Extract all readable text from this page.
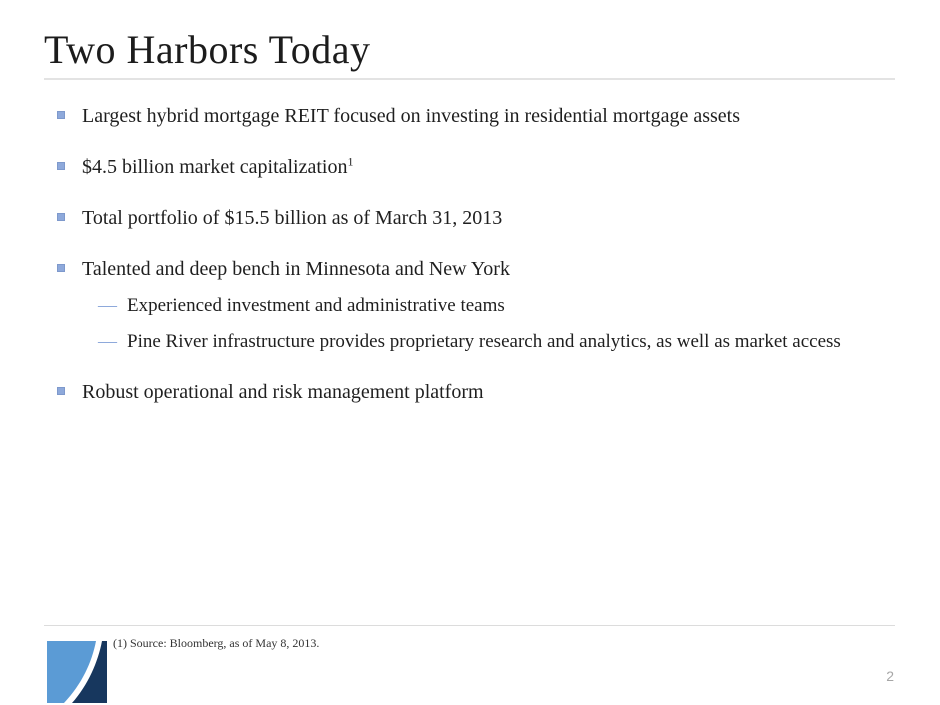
Two Harbors Today
Largest hybrid mortgage REIT focused on investing in residential mortgage assets
$4.5 billion market capitalization$^1$
Total portfolio of $15.5 billion as of March 31, 2013
Talented and deep bench in Minnesota and New York
— Experienced investment and administrative teams
— Pine River infrastructure provides proprietary research and analytics, as well as market access
Robust operational and risk management platform
(1) Source: Bloomberg, as of May 8, 2013.
2
